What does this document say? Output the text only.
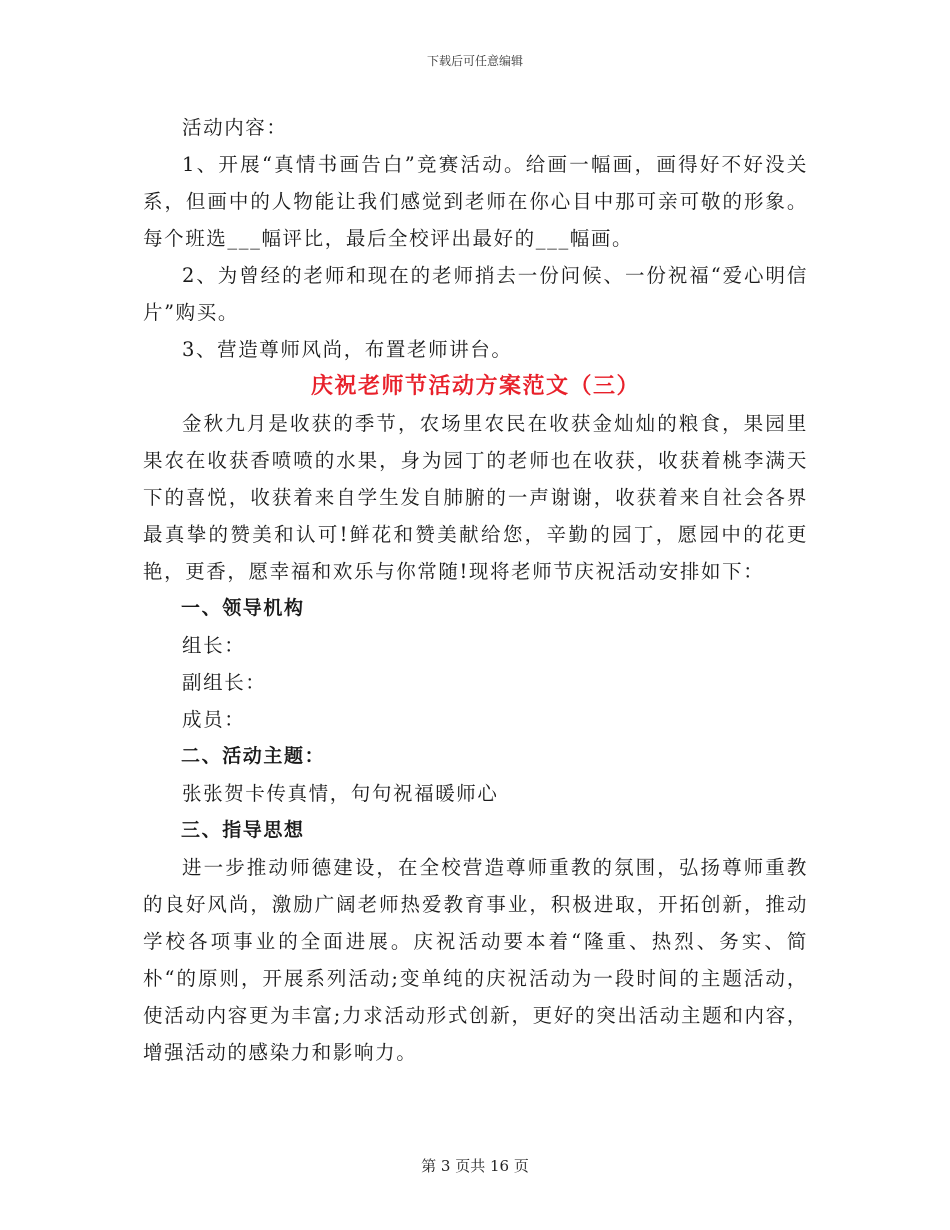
下载后可任意编辑

活动内容：

1、开展“真情书画告白”竞赛活动。给画一幅画，画得好不好没关系，但画中的人物能让我们感觉到老师在你心目中那可亲可敬的形象。每个班选___幅评比，最后全校评出最好的___幅画。

2、为曾经的老师和现在的老师捎去一份问候、一份祝福“爱心明信片”购买。

3、营造尊师风尚，布置老师讲台。

庆祝老师节活动方案范文（三）

金秋九月是收获的季节，农场里农民在收获金灿灿的粮食，果园里果农在收获香喷喷的水果，身为园丁的老师也在收获，收获着桃李满天下的喜悦，收获着来自学生发自肺腑的一声谢谢，收获着来自社会各界最真挚的赞美和认可!鲜花和赞美献给您，辛勤的园丁，愿园中的花更艳，更香，愿幸福和欢乐与你常随!现将老师节庆祝活动安排如下：

一、领导机构

组长：

副组长：

成员：

二、活动主题：

张张贺卡传真情，句句祝福暖师心

三、指导思想

进一步推动师德建设，在全校营造尊师重教的氛围，弘扬尊师重教的良好风尚，激励广阔老师热爱教育事业，积极进取，开拓创新，推动学校各项事业的全面进展。庆祝活动要本着“隆重、热烈、务实、简朴“的原则，开展系列活动;变单纯的庆祝活动为一段时间的主题活动，使活动内容更为丰富;力求活动形式创新，更好的突出活动主题和内容，增强活动的感染力和影响力。

第 3 页共 16 页
